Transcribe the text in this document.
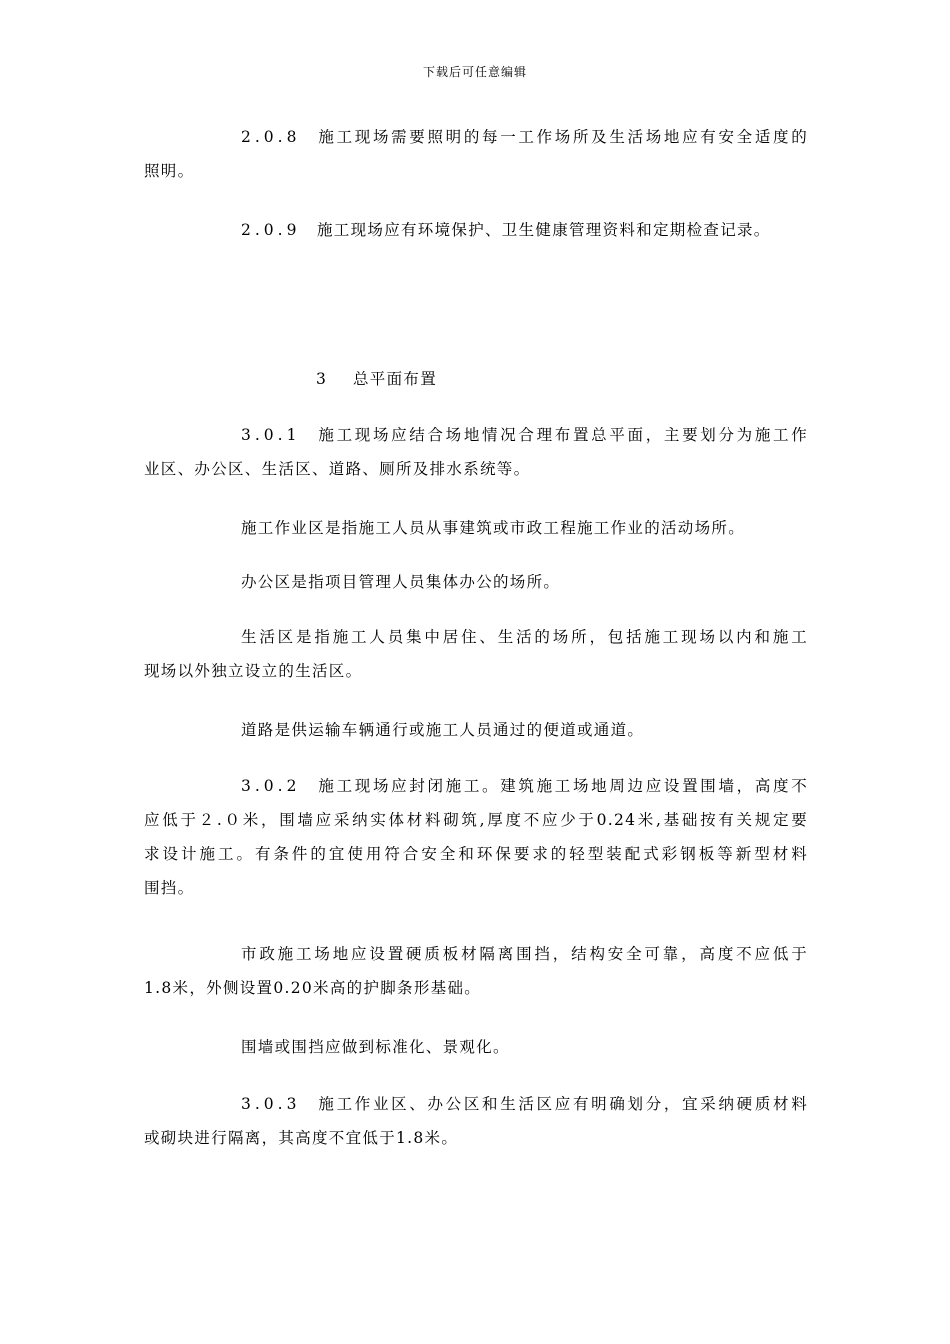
下载后可任意编辑
2.0.8 施工现场需要照明的每一工作场所及生活场地应有安全适度的
照明。
2.0.9 施工现场应有环境保护、卫生健康管理资料和定期检查记录。
3 总平面布置
3.0.1 施工现场应结合场地情况合理布置总平面，主要划分为施工作
业区、办公区、生活区、道路、厕所及排水系统等。
施工作业区是指施工人员从事建筑或市政工程施工作业的活动场所。
办公区是指项目管理人员集体办公的场所。
生活区是指施工人员集中居住、生活的场所，包括施工现场以内和施工
现场以外独立设立的生活区。
道路是供运输车辆通行或施工人员通过的便道或通道。
3.0.2 施工现场应封闭施工。建筑施工场地周边应设置围墙，高度不
应低于２.０米，围墙应采纳实体材料砌筑,厚度不应少于0.24米,基础按有关规定要
求设计施工。有条件的宜使用符合安全和环保要求的轻型装配式彩钢板等新型材料
围挡。
市政施工场地应设置硬质板材隔离围挡，结构安全可靠，高度不应低于
1.8米，外侧设置0.20米高的护脚条形基础。
围墙或围挡应做到标准化、景观化。
3.0.3 施工作业区、办公区和生活区应有明确划分，宜采纳硬质材料
或砌块进行隔离，其高度不宜低于1.8米。
